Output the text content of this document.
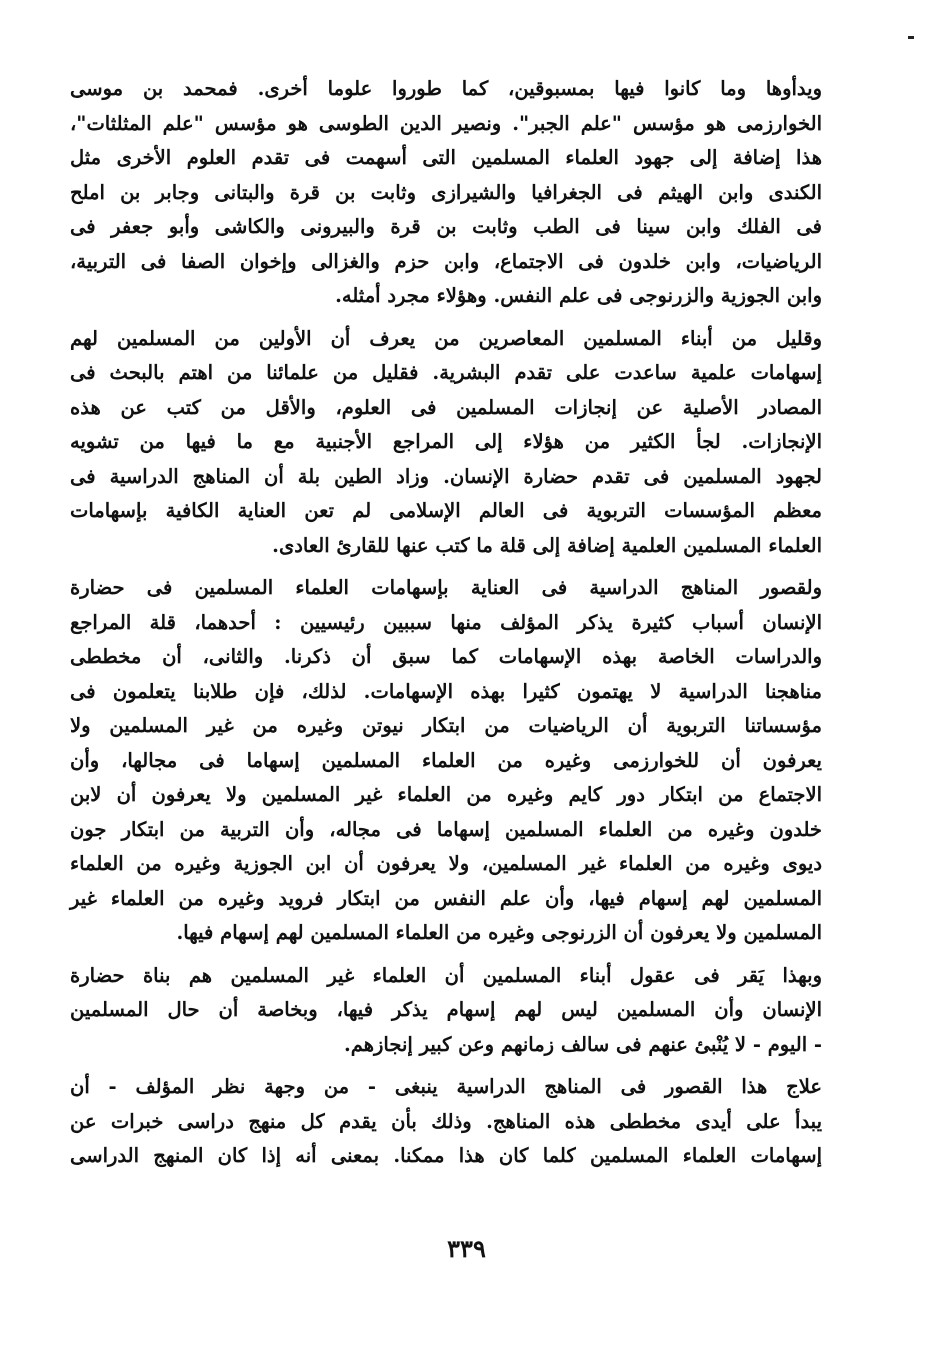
ويدأوها وما كانوا فيها بمسبوقين، كما طوروا علوما أخرى. فمحمد بن موسى
الخوارزمى هو مؤسس "علم الجبر". ونصير الدين الطوسى هو مؤسس "علم المثلثات"،
هذا إضافة إلى جهود العلماء المسلمين التى أسهمت فى تقدم العلوم الأخرى مثل
الكندى وابن الهيثم فى الجغرافيا والشيرازى وثابت بن قرة والبتانى وجابر بن املح
فى الفلك وابن سينا فى الطب وثابت بن قرة والبيرونى والكاشى وأبو جعفر فى
الرياضيات، وابن خلدون فى الاجتماع، وابن حزم والغزالى وإخوان الصفا فى التربية،
وابن الجوزية والزرنوجى فى علم النفس. وهؤلاء مجرد أمثله.

وقليل من أبناء المسلمين المعاصرين من يعرف أن الأولين من المسلمين لهم
إسهامات علمية ساعدت على تقدم البشرية. فقليل من علمائنا من اهتم بالبحث فى
المصادر الأصلية عن إنجازات المسلمين فى العلوم، والأقل من كتب عن هذه
الإنجازات. لجأ الكثير من هؤلاء إلى المراجع الأجنبية مع ما فيها من تشويه
لجهود المسلمين فى تقدم حضارة الإنسان. وزاد الطين بلة أن المناهج الدراسية فى
معظم المؤسسات التربوية فى العالم الإسلامى لم تعن العناية الكافية بإسهامات
العلماء المسلمين العلمية إضافة إلى قلة ما كتب عنها للقارئ العادى.

ولقصور المناهج الدراسية فى العناية بإسهامات العلماء المسلمين فى حضارة
الإنسان أسباب كثيرة يذكر المؤلف منها سببين رئيسيين : أحدهما، قلة المراجع
والدراسات الخاصة بهذه الإسهامات كما سبق أن ذكرنا. والثانى، أن مخططى
مناهجنا الدراسية لا يهتمون كثيرا بهذه الإسهامات. لذلك، فإن طلابنا يتعلمون فى
مؤسساتنا التربوية أن الرياضيات من ابتكار نيوتن وغيره من غير المسلمين ولا
يعرفون أن للخوارزمى وغيره من العلماء المسلمين إسهاما فى مجالها، وأن
الاجتماع من ابتكار دور كايم وغيره من العلماء غير المسلمين ولا يعرفون أن لابن
خلدون وغيره من العلماء المسلمين إسهاما فى مجاله، وأن التربية من ابتكار جون
ديوى وغيره من العلماء غير المسلمين، ولا يعرفون أن ابن الجوزية وغيره من العلماء
المسلمين لهم إسهام فيها، وأن علم النفس من ابتكار فرويد وغيره من العلماء غير
المسلمين ولا يعرفون أن الزرنوجى وغيره من العلماء المسلمين لهم إسهام فيها.

وبهذا يَقر فى عقول أبناء المسلمين أن العلماء غير المسلمين هم بناة حضارة
الإنسان وأن المسلمين ليس لهم إسهام يذكر فيها، وبخاصة أن حال المسلمين
- اليوم - لا يُنْبئ عنهم فى سالف زمانهم وعن كبير إنجازهم.

علاج هذا القصور فى المناهج الدراسية ينبغى - من وجهة نظر المؤلف - أن
يبدأ على أيدى مخططى هذه المناهج. وذلك بأن يقدم كل منهج دراسى خبرات عن
إسهامات العلماء المسلمين كلما كان هذا ممكنا. بمعنى أنه إذا كان المنهج الدراسى

٣٣٩
